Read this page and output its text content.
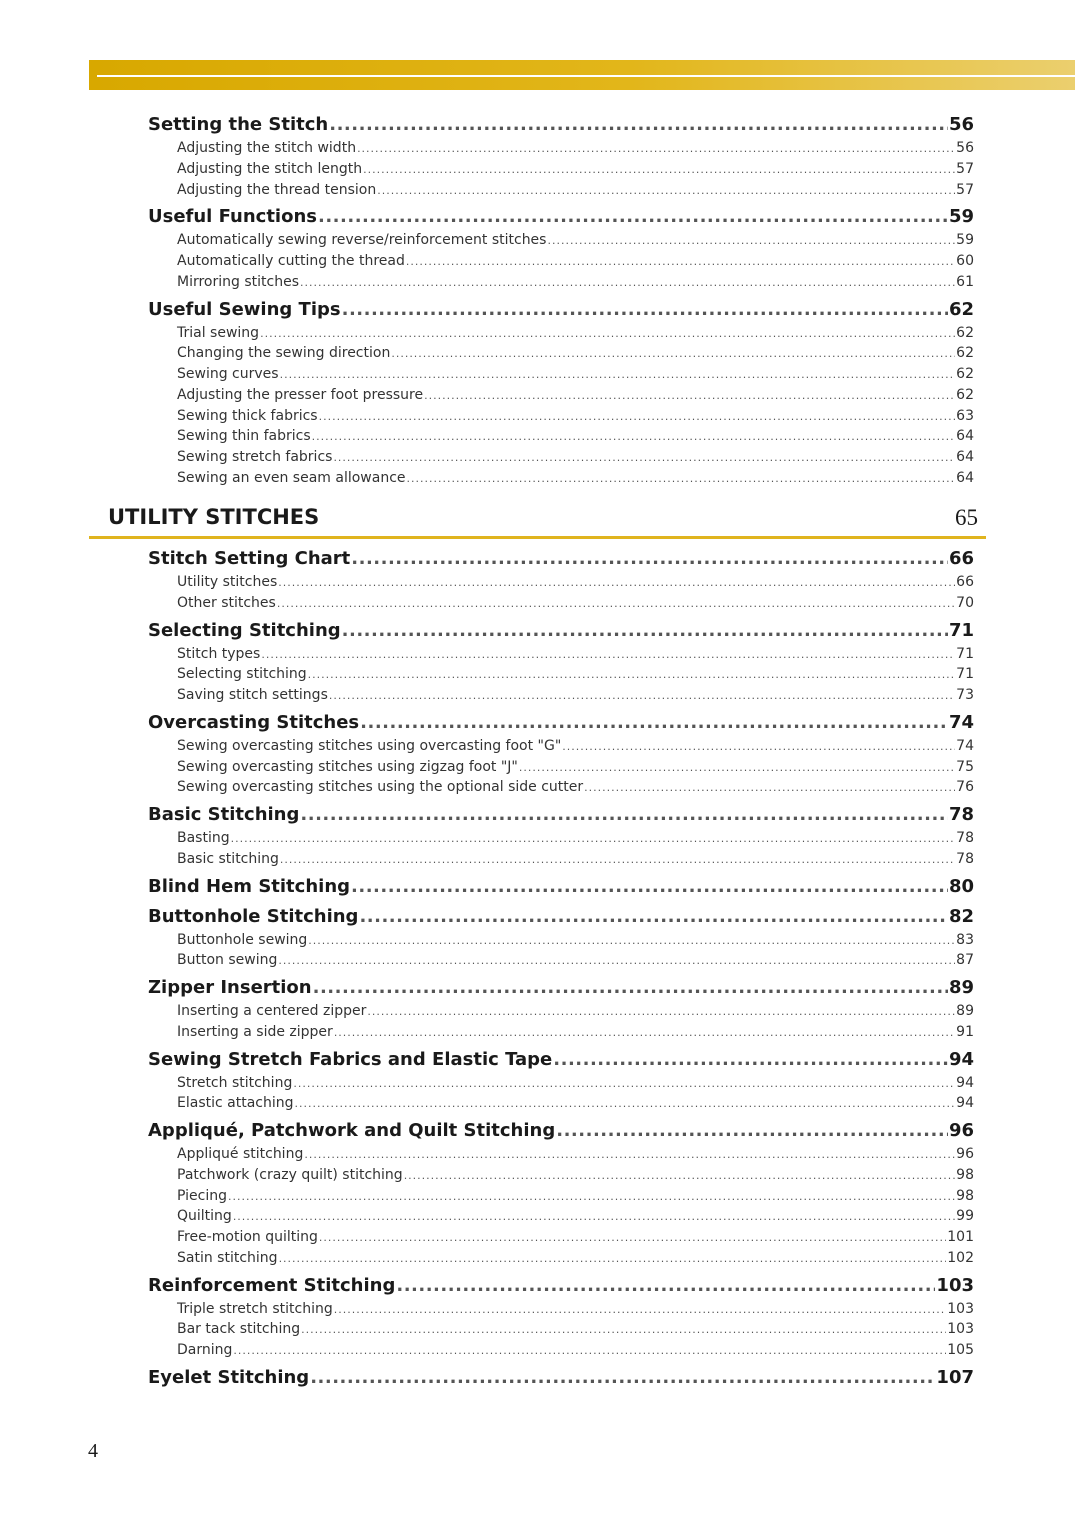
Setting the Stitch .....	56
Adjusting the stitch width .....	56
Adjusting the stitch length .....	57
Adjusting the thread tension .....	57
Useful Functions .....	59
Automatically sewing reverse/reinforcement stitches .....	59
Automatically cutting the thread .....	60
Mirroring stitches .....	61
Useful Sewing Tips .....	62
Trial sewing .....	62
Changing the sewing direction .....	62
Sewing curves .....	62
Adjusting the presser foot pressure .....	62
Sewing thick fabrics .....	63
Sewing thin fabrics .....	64
Sewing stretch fabrics .....	64
Sewing an even seam allowance .....	64
Stitch Setting Chart .....	66
Utility stitches .....	66
Other stitches .....	70
Selecting Stitching .....	71
Stitch types .....	71
Selecting stitching .....	71
Saving stitch settings .....	73
Overcasting Stitches .....	74
Sewing overcasting stitches using overcasting foot "G" .....	74
Sewing overcasting stitches using zigzag foot "J" .....	75
Sewing overcasting stitches using the optional side cutter .....	76
Basic Stitching .....	78
Basting .....	78
Basic stitching .....	78
Blind Hem Stitching .....	80
Buttonhole Stitching .....	82
Buttonhole sewing .....	83
Button sewing .....	87
Zipper Insertion .....	89
Inserting a centered zipper .....	89
Inserting a side zipper .....	91
Sewing Stretch Fabrics and Elastic Tape .....	94
Stretch stitching .....	94
Elastic attaching .....	94
Appliqué, Patchwork and Quilt Stitching .....	96
Appliqué stitching .....	96
Patchwork (crazy quilt) stitching .....	98
Piecing .....	98
Quilting .....	99
Free-motion quilting .....	101
Satin stitching .....	102
Reinforcement Stitching .....	103
Triple stretch stitching .....	103
Bar tack stitching .....	103
Darning .....	105
Eyelet Stitching .....	107
UTILITY STITCHES	65
4
